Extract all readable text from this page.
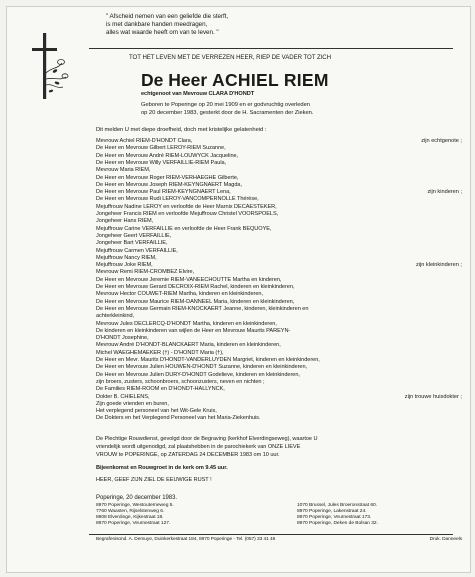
" Afscheid nemen van een geliefde die sterft,
is met dankbare handen meedragen,
alles wat waarde heeft om van te leven. "
TOT HET LEVEN MET DE VERREZEN HEER, RIEP DE VADER TOT ZICH
De Heer ACHIEL RIEM
echtgenoot van Mevrouw CLARA D'HONDT
Geboren te Poperinge op 20 mei 1909 en er godvruchtig overleden
op 20 december 1983, gesterkt door de H. Sacramenten der Zieken.
Dit melden U met diepe droefheid, doch met kristelijke gelatenheid :
Mevrouw Achiel RIEM-D'HONDT Clara,	zijn echtgenote ;
De Heer en Mevrouw Gilbert LEROY-RIEM Suzanne,
De Heer en Mevrouw André RIEM-LOUWYCK Jacqueline,
De Heer en Mevrouw Willy VERFAILLIE-RIEM Paula,
Mevrouw Maria RIEM,
De Heer en Mevrouw Roger RIEM-VERHAEGHE Gilberte,
De Heer en Mevrouw Joseph RIEM-KEYNGNAERT Magda,
De Heer en Mevrouw Paul RIEM-KEYNGNAERT Lena,	zijn kinderen ;
De Heer en Mevrouw Rudi LEROY-VANCOMPERNOLLE Thérèse,
Mejuffrouw Nadine LEROY en verloofde de Heer Marnix DECAESTEKER,
Jongeheer Francis RIEM en verloofde Mejuffrouw Christel VOORSPOELS,
Jongeheer Hans RIEM,
Mejuffrouw Carine VERFAILLIE en verloofde de Heer Frank BEQUOYE,
Jongeheer Geert VERFAILLIE,
Jongeheer Bart VERFAILLIE,
Mejuffrouw Carmen VERFAILLIE,
Mejuffrouw Nancy RIEM,
Mejuffrouw Joke RIEM,	zijn kleinkinderen ;
Mevrouw Remi RIEM-CROMBEZ Elvire,
De Heer en Mevrouw Jeremie RIEM-VANEECHOUTTE Martha en kinderen,
De Heer en Mevrouw Gerard DECROIX-RIEM Rachel, kinderen en kleinkinderen,
Mevrouw Hector COUWET-RIEM Martha, kinderen en kleinkinderen,
De Heer en Mevrouw Maurice RIEM-DANNEEL Maria, kinderen en kleinkinderen,
De Heer en Mevrouw Germain RIEM-KNOCKAERT Jeanne, kinderen, kleinkinderen en
achterkleinkind,
Mevrouw Jules DECLERCQ-D'HONDT Martha, kinderen en kleinkinderen,
De kinderen en kleinkinderen van wijlen de Heer en Mevrouw Maurits PAREYN-
D'HONDT Josephine,
Mevrouw André D'HONDT-BLANCKAERT Maria, kinderen en kleinkinderen,
Michel WAEGHEMAEKER (†) - D'HONDT Maria (†),
De Heer en Mevr. Maurits D'HONDT-VANDERLUYDEN Margriet, kinderen en kleinkinderen,
De Heer en Mevrouw Julien HOUWEN-D'HONDT Suzanne, kinderen en kleinkinderen,
De Heer en Mevrouw Julien DURY-D'HONDT Godelieve, kinderen en kleinkinderen,
zijn broers, zusters, schoonbroers, schoonzusters, neven en nichten ;
De Families RIEM-ROOM en D'HONDT-HALLYNCK,
Dokter B. CHIELENS,	zijn trouwe huisdokter ;
Zijn goede vrienden en buren,
Het verplegend personeel van het Wit-Gele Kruis,
De Dokters en het Verplegend Personeel van het Maria-Ziekenhuis.
De Plechtige Rouwdienst, gevolgd door de Begraving (kerkhof Elverdingseweg), waartoe U
vriendelijk wordt uitgenodigd, zal plaatshebben in de parochiekerk van ONZE LIEVE
VROUW te POPERINGE, op ZATERDAG 24 DECEMBER 1983 om 10 uur.
Bijeenkomst en Rouwgroet in de kerk om 9.45 uur.
HEER, GEEF ZIJN ZIEL DE EEUWIGE RUST !
Poperinge, 20 december 1983.
8970 Poperinge, Westouterneweg 5.
7760 Waasten, Rijselstenweg 6.
8908 Elverdinge, Kijkestraat 18.
8970 Poperinge, Veurnestraat 127.
1070 Brussel, Jules Broeronstraat 60.
8970 Poperinge, Lakenstraat 24.
8970 Poperinge, Veurnestraat 173.
8970 Poperinge, Deken de Bolsan 32.
Begrafenisond. A. Demuye, Duinkerkestraat 184, 8970 Poperinge - Tel. (057) 33 41 46	Druk. Danneels
